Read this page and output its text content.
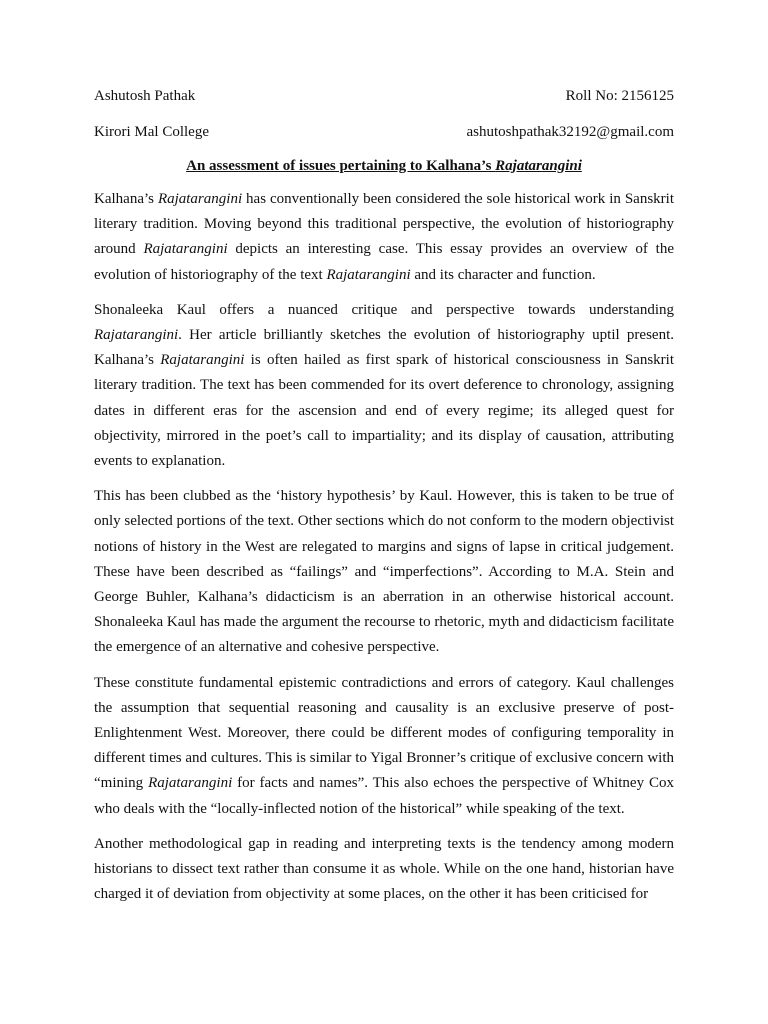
Ashutosh Pathak	Roll No: 2156125
Kirori Mal College	ashutoshpathak32192@gmail.com
An assessment of issues pertaining to Kalhana’s Rajatarangini

Kalhana’s Rajatarangini has conventionally been considered the sole historical work in Sanskrit literary tradition. Moving beyond this traditional perspective, the evolution of historiography around Rajatarangini depicts an interesting case. This essay provides an overview of the evolution of historiography of the text Rajatarangini and its character and function.

Shonaleeka Kaul offers a nuanced critique and perspective towards understanding Rajatarangini. Her article brilliantly sketches the evolution of historiography uptil present. Kalhana’s Rajatarangini is often hailed as first spark of historical consciousness in Sanskrit literary tradition. The text has been commended for its overt deference to chronology, assigning dates in different eras for the ascension and end of every regime; its alleged quest for objectivity, mirrored in the poet’s call to impartiality; and its display of causation, attributing events to explanation.

This has been clubbed as the ‘history hypothesis’ by Kaul. However, this is taken to be true of only selected portions of the text. Other sections which do not conform to the modern objectivist notions of history in the West are relegated to margins and signs of lapse in critical judgement. These have been described as “failings” and “imperfections”. According to M.A. Stein and George Buhler, Kalhana’s didacticism is an aberration in an otherwise historical account. Shonaleeka Kaul has made the argument the recourse to rhetoric, myth and didacticism facilitate the emergence of an alternative and cohesive perspective.

These constitute fundamental epistemic contradictions and errors of category. Kaul challenges the assumption that sequential reasoning and causality is an exclusive preserve of post-Enlightenment West. Moreover, there could be different modes of configuring temporality in different times and cultures. This is similar to Yigal Bronner’s critique of exclusive concern with “mining Rajatarangini for facts and names”. This also echoes the perspective of Whitney Cox who deals with the “locally-inflected notion of the historical” while speaking of the text.

Another methodological gap in reading and interpreting texts is the tendency among modern historians to dissect text rather than consume it as whole. While on the one hand, historian have charged it of deviation from objectivity at some places, on the other it has been criticised for
